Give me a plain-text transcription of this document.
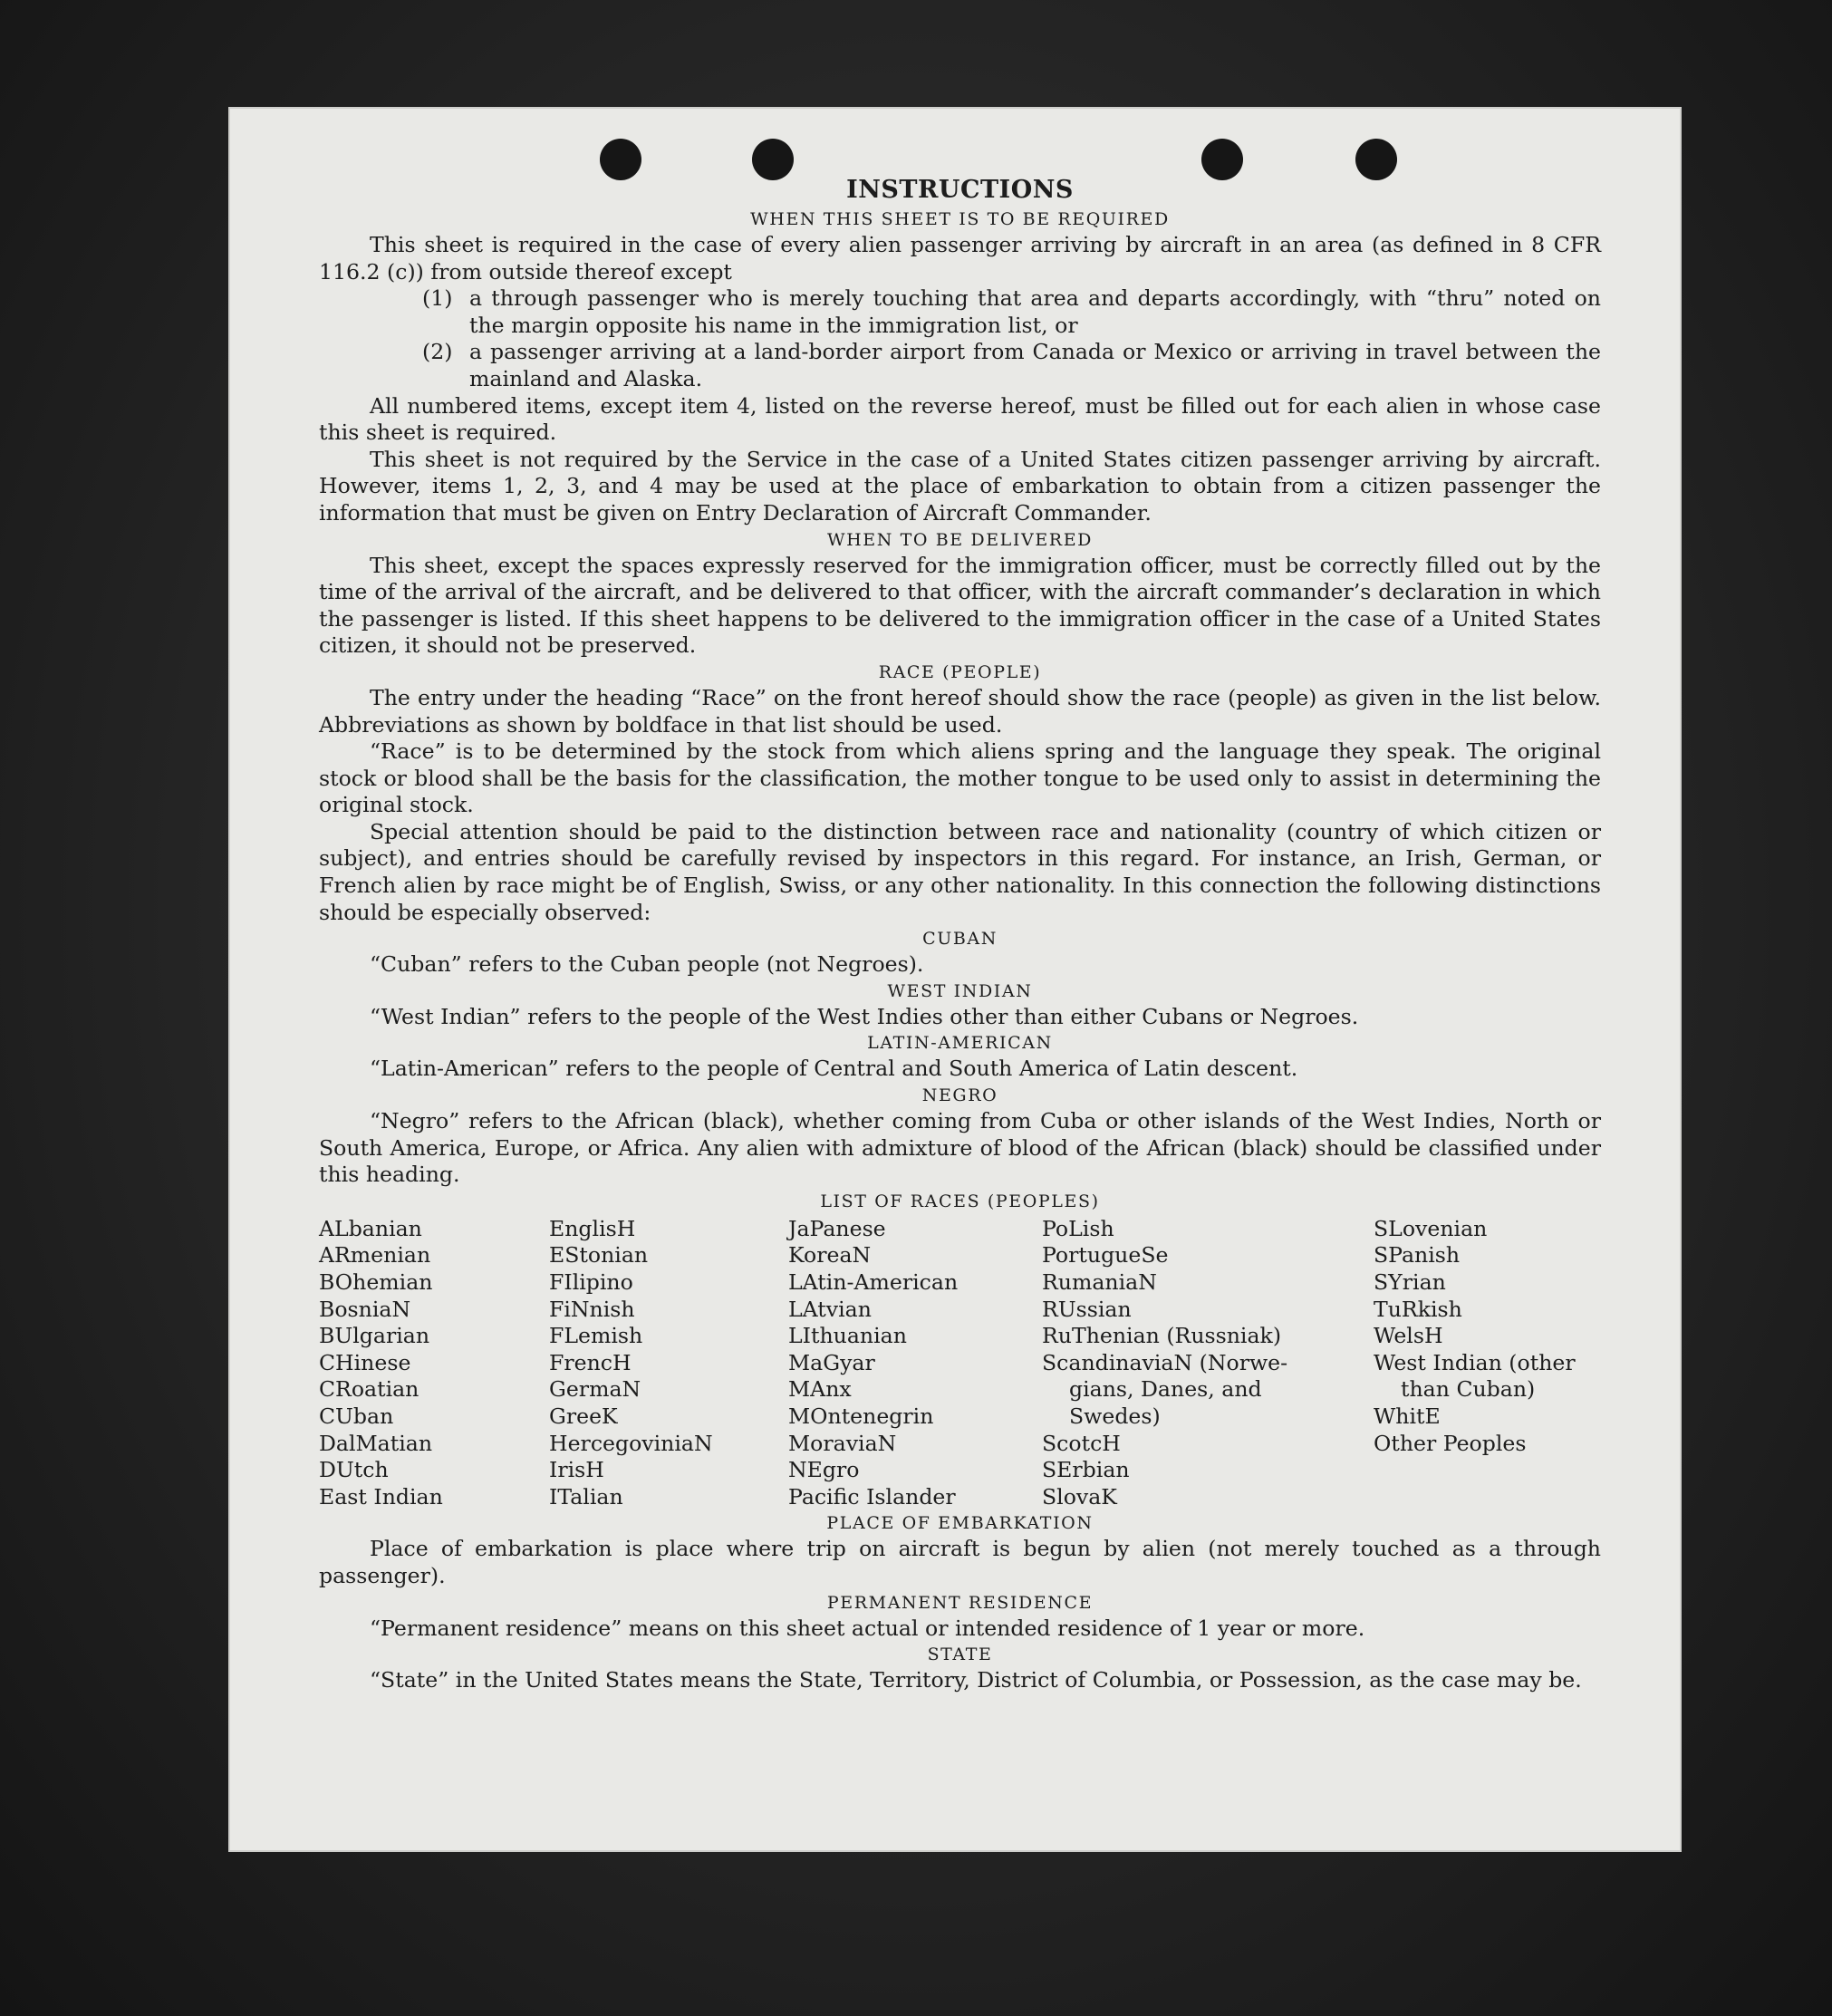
INSTRUCTIONS
WHEN THIS SHEET IS TO BE REQUIRED

This sheet is required in the case of every alien passenger arriving by aircraft in an area (as defined in 8 CFR 116.2 (c)) from outside thereof except

(1) a through passenger who is merely touching that area and departs accordingly, with “thru” noted on the margin opposite his name in the immigration list, or
(2) a passenger arriving at a land-border airport from Canada or Mexico or arriving in travel between the mainland and Alaska.

All numbered items, except item 4, listed on the reverse hereof, must be filled out for each alien in whose case this sheet is required.

This sheet is not required by the Service in the case of a United States citizen passenger arriving by aircraft. However, items 1, 2, 3, and 4 may be used at the place of embarkation to obtain from a citizen passenger the information that must be given on Entry Declaration of Aircraft Commander.

WHEN TO BE DELIVERED

This sheet, except the spaces expressly reserved for the immigration officer, must be correctly filled out by the time of the arrival of the aircraft, and be delivered to that officer, with the aircraft commander’s declaration in which the passenger is listed. If this sheet happens to be delivered to the immigration officer in the case of a United States citizen, it should not be preserved.

RACE (PEOPLE)

The entry under the heading “Race” on the front hereof should show the race (people) as given in the list below. Abbreviations as shown by boldface in that list should be used.

“Race” is to be determined by the stock from which aliens spring and the language they speak. The original stock or blood shall be the basis for the classification, the mother tongue to be used only to assist in determining the original stock.

Special attention should be paid to the distinction between race and nationality (country of which citizen or subject), and entries should be carefully revised by inspectors in this regard. For instance, an Irish, German, or French alien by race might be of English, Swiss, or any other nationality. In this connection the following distinctions should be especially observed:

CUBAN

“Cuban” refers to the Cuban people (not Negroes).

WEST INDIAN

“West Indian” refers to the people of the West Indies other than either Cubans or Negroes.

LATIN-AMERICAN

“Latin-American” refers to the people of Central and South America of Latin descent.

NEGRO

“Negro” refers to the African (black), whether coming from Cuba or other islands of the West Indies, North or South America, Europe, or Africa. Any alien with admixture of blood of the African (black) should be classified under this heading.

LIST OF RACES (PEOPLES)
ALbanian
ARmenian
BOhemian
BosniaN
BUlgarian
CHinese
CRoatian
CUban
DalMatian
DUtch
East Indian
EnglisH
EStonian
FIlipino
FiNnish
FLemish
FrencH
GermaN
GreeK
HercegoviniaN
IrisH
ITalian
JaPanese
KoreaN
LAtin-American
LAtvian
LIthuanian
MaGyar
MAnx
MOntenegrin
MoraviaN
NEgro
Pacific Islander
PoLish
PortugueSe
RumaniaN
RUssian
RuThenian (Russniak)
ScandinaviaN (Norwe-
gians, Danes, and
Swedes)
ScotcH
SErbian
SlovaK
SLovenian
SPanish
SYrian
TuRkish
WelsH
West Indian (other
than Cuban)
WhitE
Other Peoples
PLACE OF EMBARKATION

Place of embarkation is place where trip on aircraft is begun by alien (not merely touched as a through passenger).

PERMANENT RESIDENCE

“Permanent residence” means on this sheet actual or intended residence of 1 year or more.

STATE

“State” in the United States means the State, Territory, District of Columbia, or Possession, as the case may be.
